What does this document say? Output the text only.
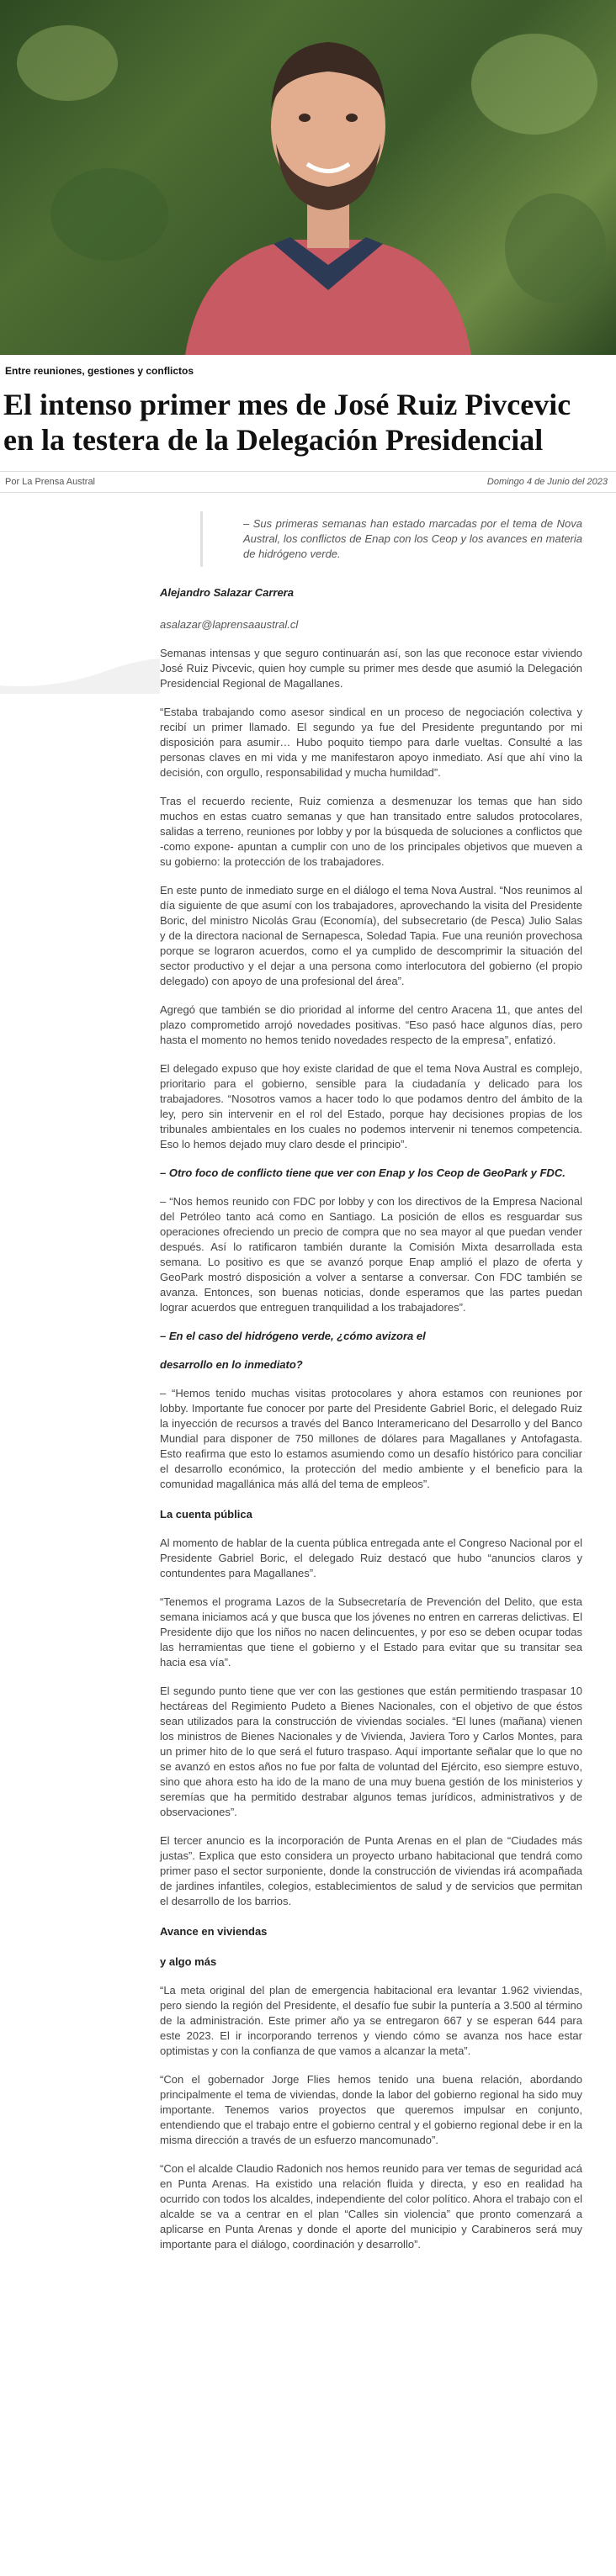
Entre reuniones, gestiones y conflictos
El intenso primer mes de José Ruiz Pivcevic en la testera de la Delegación Presidencial
Por La Prensa Austral	Domingo 4 de Junio del 2023
– Sus primeras semanas han estado marcadas por el tema de Nova Austral, los conflictos de Enap con los Ceop y los avances en materia de hidrógeno verde.
Alejandro Salazar Carrera
asalazar@laprensaaustral.cl

Semanas intensas y que seguro continuarán así, son las que reconoce estar viviendo José Ruiz Pivcevic, quien hoy cumple su primer mes desde que asumió la Delegación Presidencial Regional de Magallanes.

“Estaba trabajando como asesor sindical en un proceso de negociación colectiva y recibí un primer llamado. El segundo ya fue del Presidente preguntando por mi disposición para asumir… Hubo poquito tiempo para darle vueltas. Consulté a las personas claves en mi vida y me manifestaron apoyo inmediato. Así que ahí vino la decisión, con orgullo, responsabilidad y mucha humildad”.

Tras el recuerdo reciente, Ruiz comienza a desmenuzar los temas que han sido muchos en estas cuatro semanas y que han transitado entre saludos protocolares, salidas a terreno, reuniones por lobby y por la búsqueda de soluciones a conflictos que -como expone- apuntan a cumplir con uno de los principales objetivos que mueven a su gobierno: la protección de los trabajadores.

En este punto de inmediato surge en el diálogo el tema Nova Austral. “Nos reunimos al día siguiente de que asumí con los trabajadores, aprovechando la visita del Presidente Boric, del ministro Nicolás Grau (Economía), del subsecretario (de Pesca) Julio Salas y de la directora nacional de Sernapesca, Soledad Tapia. Fue una reunión provechosa porque se lograron acuerdos, como el ya cumplido de descomprimir la situación del sector productivo y el dejar a una persona como interlocutora del gobierno (el propio delegado) con apoyo de una profesional del área”.

Agregó que también se dio prioridad al informe del centro Aracena 11, que antes del plazo comprometido arrojó novedades positivas. “Eso pasó hace algunos días, pero hasta el momento no hemos tenido novedades respecto de la empresa”, enfatizó.

El delegado expuso que hoy existe claridad de que el tema Nova Austral es complejo, prioritario para el gobierno, sensible para la ciudadanía y delicado para los trabajadores. “Nosotros vamos a hacer todo lo que podamos dentro del ámbito de la ley, pero sin intervenir en el rol del Estado, porque hay decisiones propias de los tribunales ambientales en los cuales no podemos intervenir ni tenemos competencia. Eso lo hemos dejado muy claro desde el principio”.

– Otro foco de conflicto tiene que ver con Enap y los Ceop de GeoPark y FDC.

– “Nos hemos reunido con FDC por lobby y con los directivos de la Empresa Nacional del Petróleo tanto acá como en Santiago. La posición de ellos es resguardar sus operaciones ofreciendo un precio de compra que no sea mayor al que puedan vender después. Así lo ratificaron también durante la Comisión Mixta desarrollada esta semana. Lo positivo es que se avanzó porque Enap amplió el plazo de oferta y GeoPark mostró disposición a volver a sentarse a conversar. Con FDC también se avanza. Entonces, son buenas noticias, donde esperamos que las partes puedan lograr acuerdos que entreguen tranquilidad a los trabajadores”.

– En el caso del hidrógeno verde, ¿cómo avizora el

desarrollo en lo inmediato?

– “Hemos tenido muchas visitas protocolares y ahora estamos con reuniones por lobby. Importante fue conocer por parte del Presidente Gabriel Boric, el delegado Ruiz la inyección de recursos a través del Banco Interamericano del Desarrollo y del Banco Mundial para disponer de 750 millones de dólares para Magallanes y Antofagasta. Esto reafirma que esto lo estamos asumiendo como un desafío histórico para conciliar el desarrollo económico, la protección del medio ambiente y el beneficio para la comunidad magallánica más allá del tema de empleos”.

La cuenta pública

Al momento de hablar de la cuenta pública entregada ante el Congreso Nacional por el Presidente Gabriel Boric, el delegado Ruiz destacó que hubo “anuncios claros y contundentes para Magallanes”.

“Tenemos el programa Lazos de la Subsecretaría de Prevención del Delito, que esta semana iniciamos acá y que busca que los jóvenes no entren en carreras delictivas. El Presidente dijo que los niños no nacen delincuentes, y por eso se deben ocupar todas las herramientas que tiene el gobierno y el Estado para evitar que su transitar sea hacia esa vía”.

El segundo punto tiene que ver con las gestiones que están permitiendo traspasar 10 hectáreas del Regimiento Pudeto a Bienes Nacionales, con el objetivo de que éstos sean utilizados para la construcción de viviendas sociales. “El lunes (mañana) vienen los ministros de Bienes Nacionales y de Vivienda, Javiera Toro y Carlos Montes, para un primer hito de lo que será el futuro traspaso. Aquí importante señalar que lo que no se avanzó en estos años no fue por falta de voluntad del Ejército, eso siempre estuvo, sino que ahora esto ha ido de la mano de una muy buena gestión de los ministerios y seremías que ha permitido destrabar algunos temas jurídicos, administrativos y de observaciones”.

El tercer anuncio es la incorporación de Punta Arenas en el plan de “Ciudades más justas”. Explica que esto considera un proyecto urbano habitacional que tendrá como primer paso el sector surponiente, donde la construcción de viviendas irá acompañada de jardines infantiles, colegios, establecimientos de salud y de servicios que permitan el desarrollo de los barrios.

Avance en viviendas

y algo más

“La meta original del plan de emergencia habitacional era levantar 1.962 viviendas, pero siendo la región del Presidente, el desafío fue subir la puntería a 3.500 al término de la administración. Este primer año ya se entregaron 667 y se esperan 644 para este 2023. El ir incorporando terrenos y viendo cómo se avanza nos hace estar optimistas y con la confianza de que vamos a alcanzar la meta”.

“Con el gobernador Jorge Flies hemos tenido una buena relación, abordando principalmente el tema de viviendas, donde la labor del gobierno regional ha sido muy importante. Tenemos varios proyectos que queremos impulsar en conjunto, entendiendo que el trabajo entre el gobierno central y el gobierno regional debe ir en la misma dirección a través de un esfuerzo mancomunado”.

“Con el alcalde Claudio Radonich nos hemos reunido para ver temas de seguridad acá en Punta Arenas. Ha existido una relación fluida y directa, y eso en realidad ha ocurrido con todos los alcaldes, independiente del color político. Ahora el trabajo con el alcalde se va a centrar en el plan “Calles sin violencia” que pronto comenzará a aplicarse en Punta Arenas y donde el aporte del municipio y Carabineros será muy importante para el diálogo, coordinación y desarrollo”.
